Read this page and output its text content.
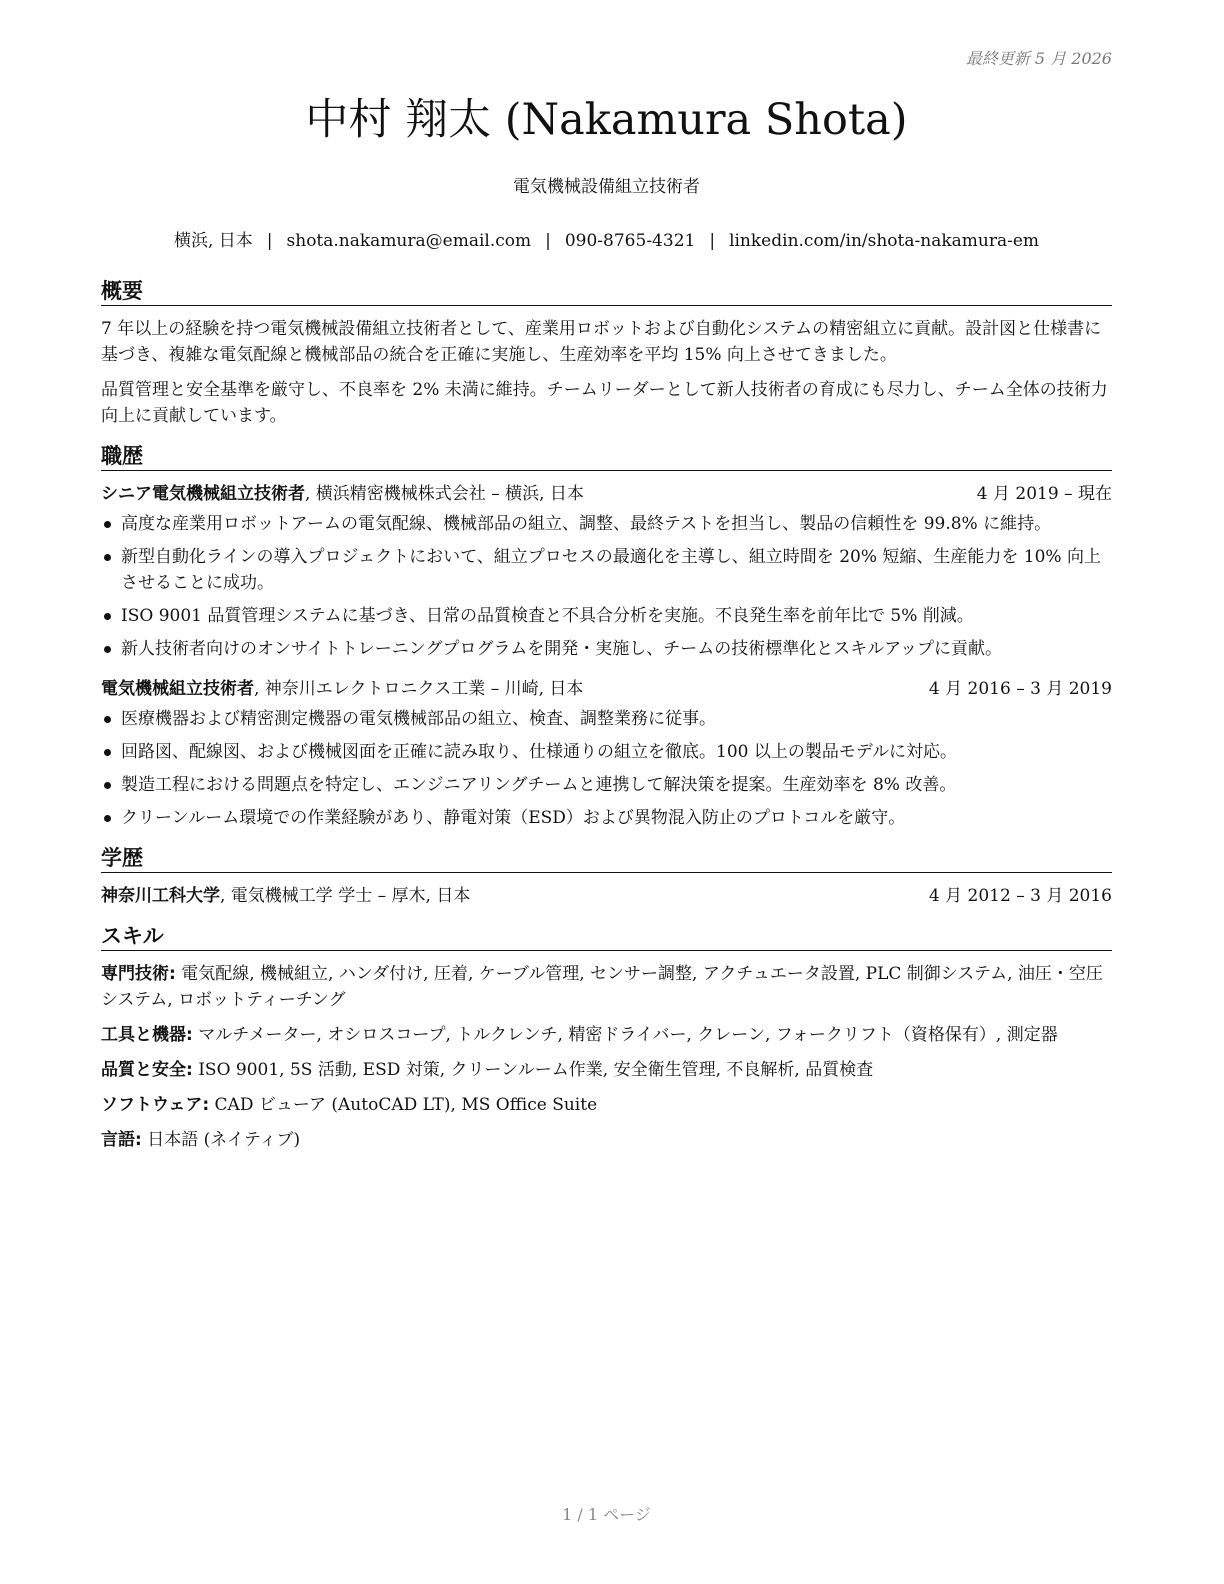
最終更新 5 月 2026
中村 翔太 (Nakamura Shota)
電気機械設備組立技術者
横浜, 日本 | shota.nakamura@email.com | 090-8765-4321 | linkedin.com/in/shota-nakamura-em
概要

7 年以上の経験を持つ電気機械設備組立技術者として、産業用ロボットおよび自動化システムの精密組立に貢献。設計図と仕様書に基づき、複雑な電気配線と機械部品の統合を正確に実施し、生産効率を平均 15% 向上させてきました。

品質管理と安全基準を厳守し、不良率を 2% 未満に維持。チームリーダーとして新人技術者の育成にも尽力し、チーム全体の技術力向上に貢献しています。

職歴
シニア電気機械組立技術者, 横浜精密機械株式会社 – 横浜, 日本	4 月 2019 – 現在
高度な産業用ロボットアームの電気配線、機械部品の組立、調整、最終テストを担当し、製品の信頼性を 99.8% に維持。
新型自動化ラインの導入プロジェクトにおいて、組立プロセスの最適化を主導し、組立時間を 20% 短縮、生産能力を 10% 向上させることに成功。
ISO 9001 品質管理システムに基づき、日常の品質検査と不具合分析を実施。不良発生率を前年比で 5% 削減。
新人技術者向けのオンサイトトレーニングプログラムを開発・実施し、チームの技術標準化とスキルアップに貢献。
電気機械組立技術者, 神奈川エレクトロニクス工業 – 川崎, 日本	4 月 2016 – 3 月 2019
医療機器および精密測定機器の電気機械部品の組立、検査、調整業務に従事。
回路図、配線図、および機械図面を正確に読み取り、仕様通りの組立を徹底。100 以上の製品モデルに対応。
製造工程における問題点を特定し、エンジニアリングチームと連携して解決策を提案。生産効率を 8% 改善。
クリーンルーム環境での作業経験があり、静電対策（ESD）および異物混入防止のプロトコルを厳守。
学歴
神奈川工科大学, 電気機械工学 学士 – 厚木, 日本	4 月 2012 – 3 月 2016
スキル

専門技術: 電気配線, 機械組立, ハンダ付け, 圧着, ケーブル管理, センサー調整, アクチュエータ設置, PLC 制御システム, 油圧・空圧システム, ロボットティーチング

工具と機器: マルチメーター, オシロスコープ, トルクレンチ, 精密ドライバー, クレーン, フォークリフト（資格保有）, 測定器

品質と安全: ISO 9001, 5S 活動, ESD 対策, クリーンルーム作業, 安全衛生管理, 不良解析, 品質検査

ソフトウェア: CAD ビューア (AutoCAD LT), MS Office Suite

言語: 日本語 (ネイティブ)

1 / 1 ページ
